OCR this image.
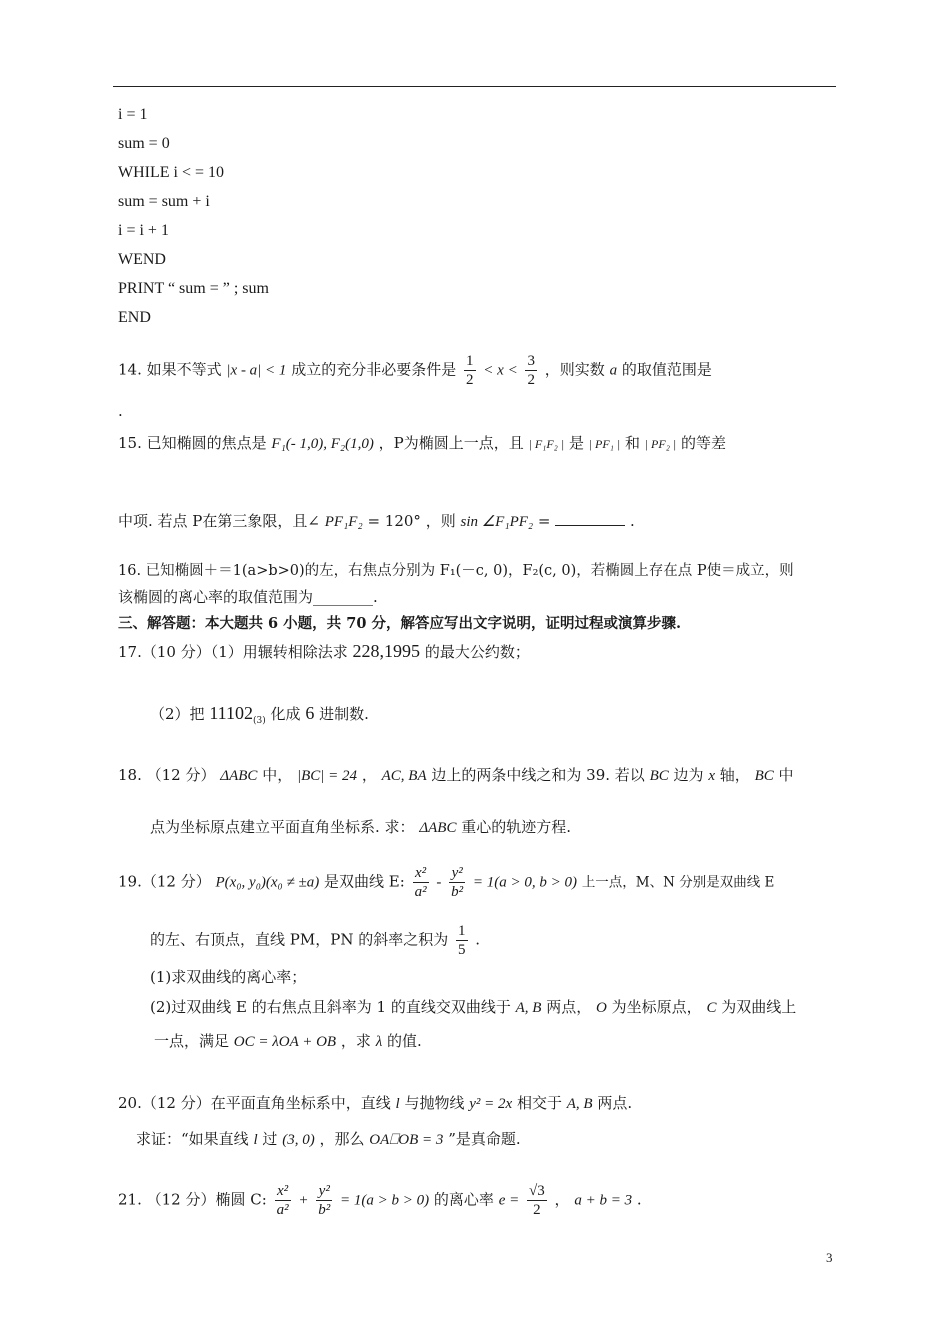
i = 1
sum = 0
WHILE i < = 10
sum = sum + i
i = i + 1
WEND
PRINT “ sum = ” ; sum
END
14. 如果不等式 |x - a| < 1 成立的充分非必要条件是 $\frac{1}{2} < x < \frac{3}{2}$ ，则实数 a 的取值范围是
.
15. 已知椭圆的焦点是 F₁(- 1,0), F₂(1,0) ，P为椭圆上一点，且 | F₁F₂ | 是 | PF₁ | 和 | PF₂ | 的等差
中项. 若点 P在第三象限，且∠ PF₁F₂ = 120° ，则 sin ∠F₁PF₂ =	.
16. 已知椭圆＋＝1(a>b>0)的左，右焦点分别为 F₁(－c, 0)，F₂(c, 0)，若椭圆上存在点 P使＝成立，则
该椭圆的离心率的取值范围为________.
三、解答题：本大题共 6 小题，共 70 分，解答应写出文字说明，证明过程或演算步骤.
17.（10 分）（1）用辗转相除法求 228,1995 的最大公约数；
（2）把 $11102_{(3)}$ 化成 6 进制数.
18. （12 分） ΔABC 中， |BC| = 24 ， AC, BA 边上的两条中线之和为 39. 若以 BC 边为 x 轴， BC 中
点为坐标原点建立平面直角坐标系. 求： ΔABC 重心的轨迹方程.
19.（12 分） P(x₀, y₀)(x₀ ≠ ±a) 是双曲线 E: $\frac{\text{x²}}{\text{a²}} - \frac{\text{y²}}{\text{b²}} = 1(a > 0$, b > 0) 上一点，M、N 分别是双曲线 E
的左、右顶点，直线 PM，PN 的斜率之积为 $\frac{1}{5}$ .
(1)求双曲线的离心率；
(2)过双曲线 E 的右焦点且斜率为 1 的直线交双曲线于 A, B 两点， O 为坐标原点， C 为双曲线上
一点，满足 OC = λOA + OB ，求 λ 的值.
20.（12 分）在平面直角坐标系中，直线 l 与抛物线 y² = 2x 相交于 A, B 两点.
求证：“如果直线 l 过 (3, 0) ，那么 OA⎕OB = 3 ”是真命题.
21. （12 分）椭圆 C: $\frac{\text{x²}}{\text{a²}} + \frac{\text{y²}}{\text{b²}} = 1(a > b > 0)$ 的离心率 $e = \frac{√3}{2}$ ， a + b = 3 .
3
